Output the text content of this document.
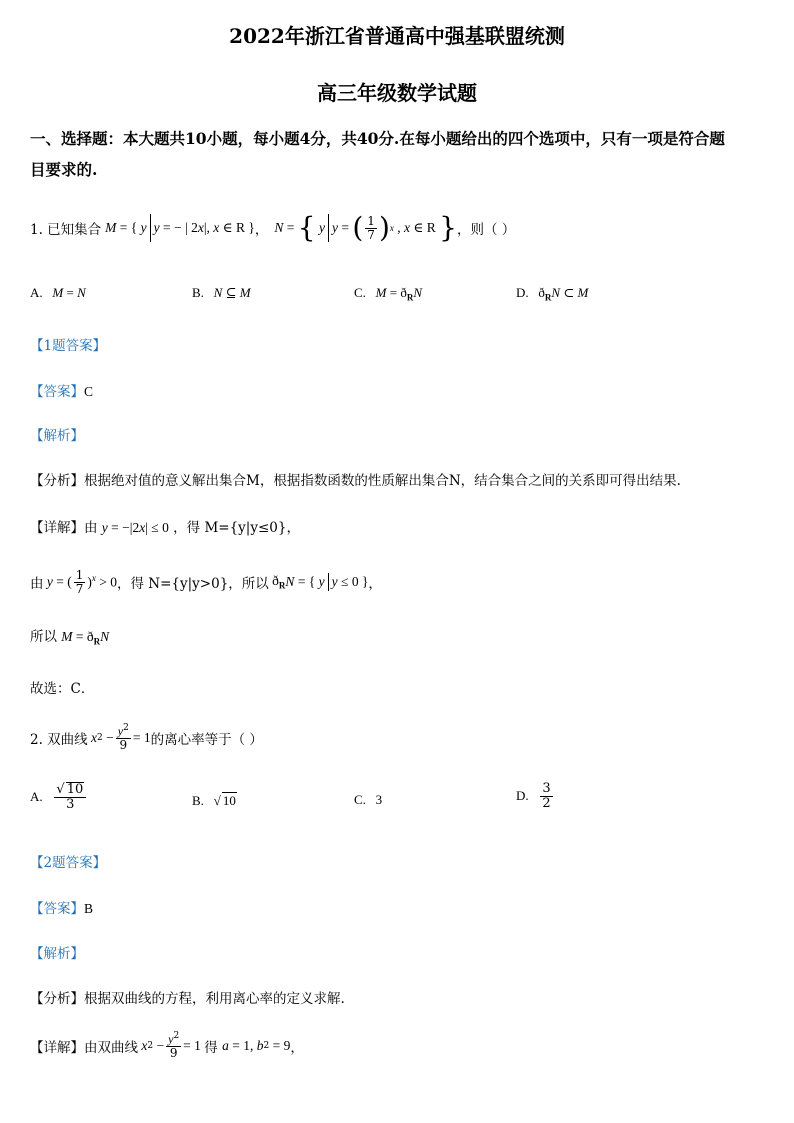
2022年浙江省普通高中强基联盟统测
高三年级数学试题
一、选择题：本大题共10小题，每小题4分，共40分.在每小题给出的四个选项中，只有一项是符合题
目要求的.
1. 已知集合 M = { y y = − | 2 x |, x ∈ R } ， N = { y y = ( $\frac{1}{7}$ ) x , x ∈ R } ，则（ ）
A.   M = N	B.   N ⊆ M	C.   $M = ð_RN$	D.   $ð_RN$ ⊂ M
【1题答案】
【答案】C
【解析】
【分析】根据绝对值的意义解出集合M，根据指数函数的性质解出集合N，结合集合之间的关系即可得出结果.
【详解】由 y = −|2x| ≤ 0 ，得 M={y|y≤0}，
由 y = ( $\frac{1}{7} )^x > 0$ ，得 N={y|y>0}，所以 $ð_R$ N = { y y ≤ 0 } ，
所以 $M = ð_RN$
故选：C．
2. 双曲线 x $2 - \frac{y^2}{9} = 1$ 的离心率等于（ ）
A. $\frac{√ 10}{3}$	B.   √ 10	C.   3	D. $\frac{3}{2}$
【2题答案】
【答案】B
【解析】
【分析】根据双曲线的方程，利用离心率的定义求解.
【详解】由双曲线 x $2 - \frac{y^2}{9} = 1$ 得 a = 1, b 2 = 9 ，
